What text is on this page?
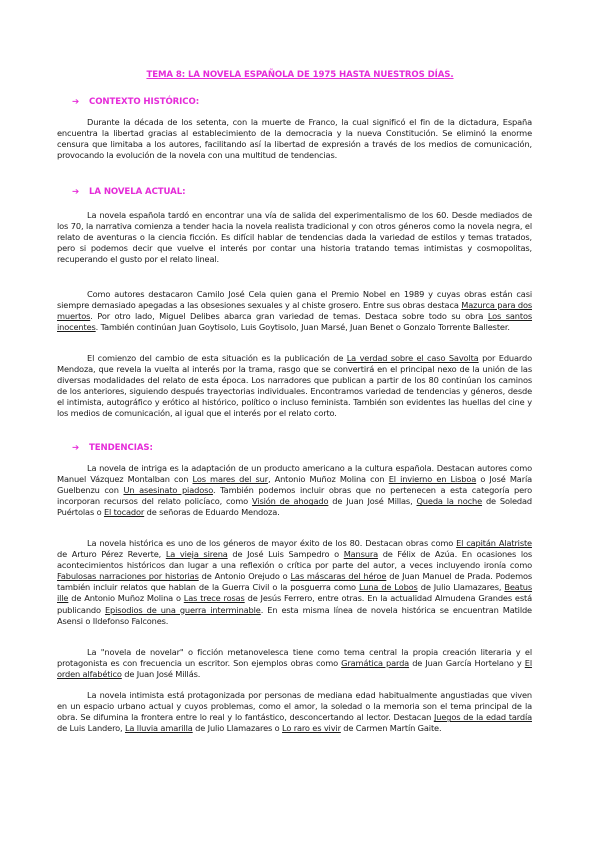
TEMA 8: LA NOVELA ESPAÑOLA DE 1975 HASTA NUESTROS DÍAS.
➔ CONTEXTO HISTÓRICO:

Durante la década de los setenta, con la muerte de Franco, la cual significó el fin de la dictadura, España encuentra la libertad gracias al establecimiento de la democracia y la nueva Constitución. Se eliminó la enorme censura que limitaba a los autores, facilitando así la libertad de expresión a través de los medios de comunicación, provocando la evolución de la novela con una multitud de tendencias.

➔ LA NOVELA ACTUAL:

La novela española tardó en encontrar una vía de salida del experimentalismo de los 60. Desde mediados de los 70, la narrativa comienza a tender hacia la novela realista tradicional y con otros géneros como la novela negra, el relato de aventuras o la ciencia ficción. Es difícil hablar de tendencias dada la variedad de estilos y temas tratados, pero si podemos decir que vuelve el interés por contar una historia tratando temas intimistas y cosmopolitas, recuperando el gusto por el relato lineal.

Como autores destacaron Camilo José Cela quien gana el Premio Nobel en 1989 y cuyas obras están casi siempre demasiado apegadas a las obsesiones sexuales y al chiste grosero. Entre sus obras destaca Mazurca para dos muertos. Por otro lado, Miguel Delibes abarca gran variedad de temas. Destaca sobre todo su obra Los santos inocentes. También continúan Juan Goytisolo, Luis Goytisolo, Juan Marsé, Juan Benet o Gonzalo Torrente Ballester.

El comienzo del cambio de esta situación es la publicación de La verdad sobre el caso Savolta por Eduardo Mendoza, que revela la vuelta al interés por la trama, rasgo que se convertirá en el principal nexo de la unión de las diversas modalidades del relato de esta época. Los narradores que publican a partir de los 80 continúan los caminos de los anteriores, siguiendo después trayectorias individuales. Encontramos variedad de tendencias y géneros, desde el intimista, autográfico y erótico al histórico, político o incluso feminista. También son evidentes las huellas del cine y los medios de comunicación, al igual que el interés por el relato corto.

➔ TENDENCIAS:

La novela de intriga es la adaptación de un producto americano a la cultura española. Destacan autores como Manuel Vázquez Montalban con Los mares del sur, Antonio Muñoz Molina con El invierno en Lisboa o José María Guelbenzu con Un asesinato piadoso. También podemos incluir obras que no pertenecen a esta categoría pero incorporan recursos del relato policíaco, como Visión de ahogado de Juan José Millas, Queda la noche de Soledad Puértolas o El tocador de señoras de Eduardo Mendoza.

La novela histórica es uno de los géneros de mayor éxito de los 80. Destacan obras como El capitán Alatriste de Arturo Pérez Reverte, La vieja sirena de José Luis Sampedro o Mansura de Félix de Azúa. En ocasiones los acontecimientos históricos dan lugar a una reflexión o crítica por parte del autor, a veces incluyendo ironía como Fabulosas narraciones por historias de Antonio Orejudo o Las máscaras del héroe de Juan Manuel de Prada. Podemos también incluir relatos que hablan de la Guerra Civil o la posguerra como Luna de Lobos de Julio Llamazares, Beatus ille de Antonio Muñoz Molina o Las trece rosas de Jesús Ferrero, entre otras. En la actualidad Almudena Grandes está publicando Episodios de una guerra interminable. En esta misma línea de novela histórica se encuentran Matilde Asensi o Ildefonso Falcones.

La "novela de novelar" o ficción metanovelesca tiene como tema central la propia creación literaria y el protagonista es con frecuencia un escritor. Son ejemplos obras como Gramática parda de Juan García Hortelano y El orden alfabético de Juan José Millás.

La novela intimista está protagonizada por personas de mediana edad habitualmente angustiadas que viven en un espacio urbano actual y cuyos problemas, como el amor, la soledad o la memoria son el tema principal de la obra. Se difumina la frontera entre lo real y lo fantástico, desconcertando al lector. Destacan Juegos de la edad tardía de Luis Landero, La lluvia amarilla de Julio Llamazares o Lo raro es vivir de Carmen Martín Gaite.
